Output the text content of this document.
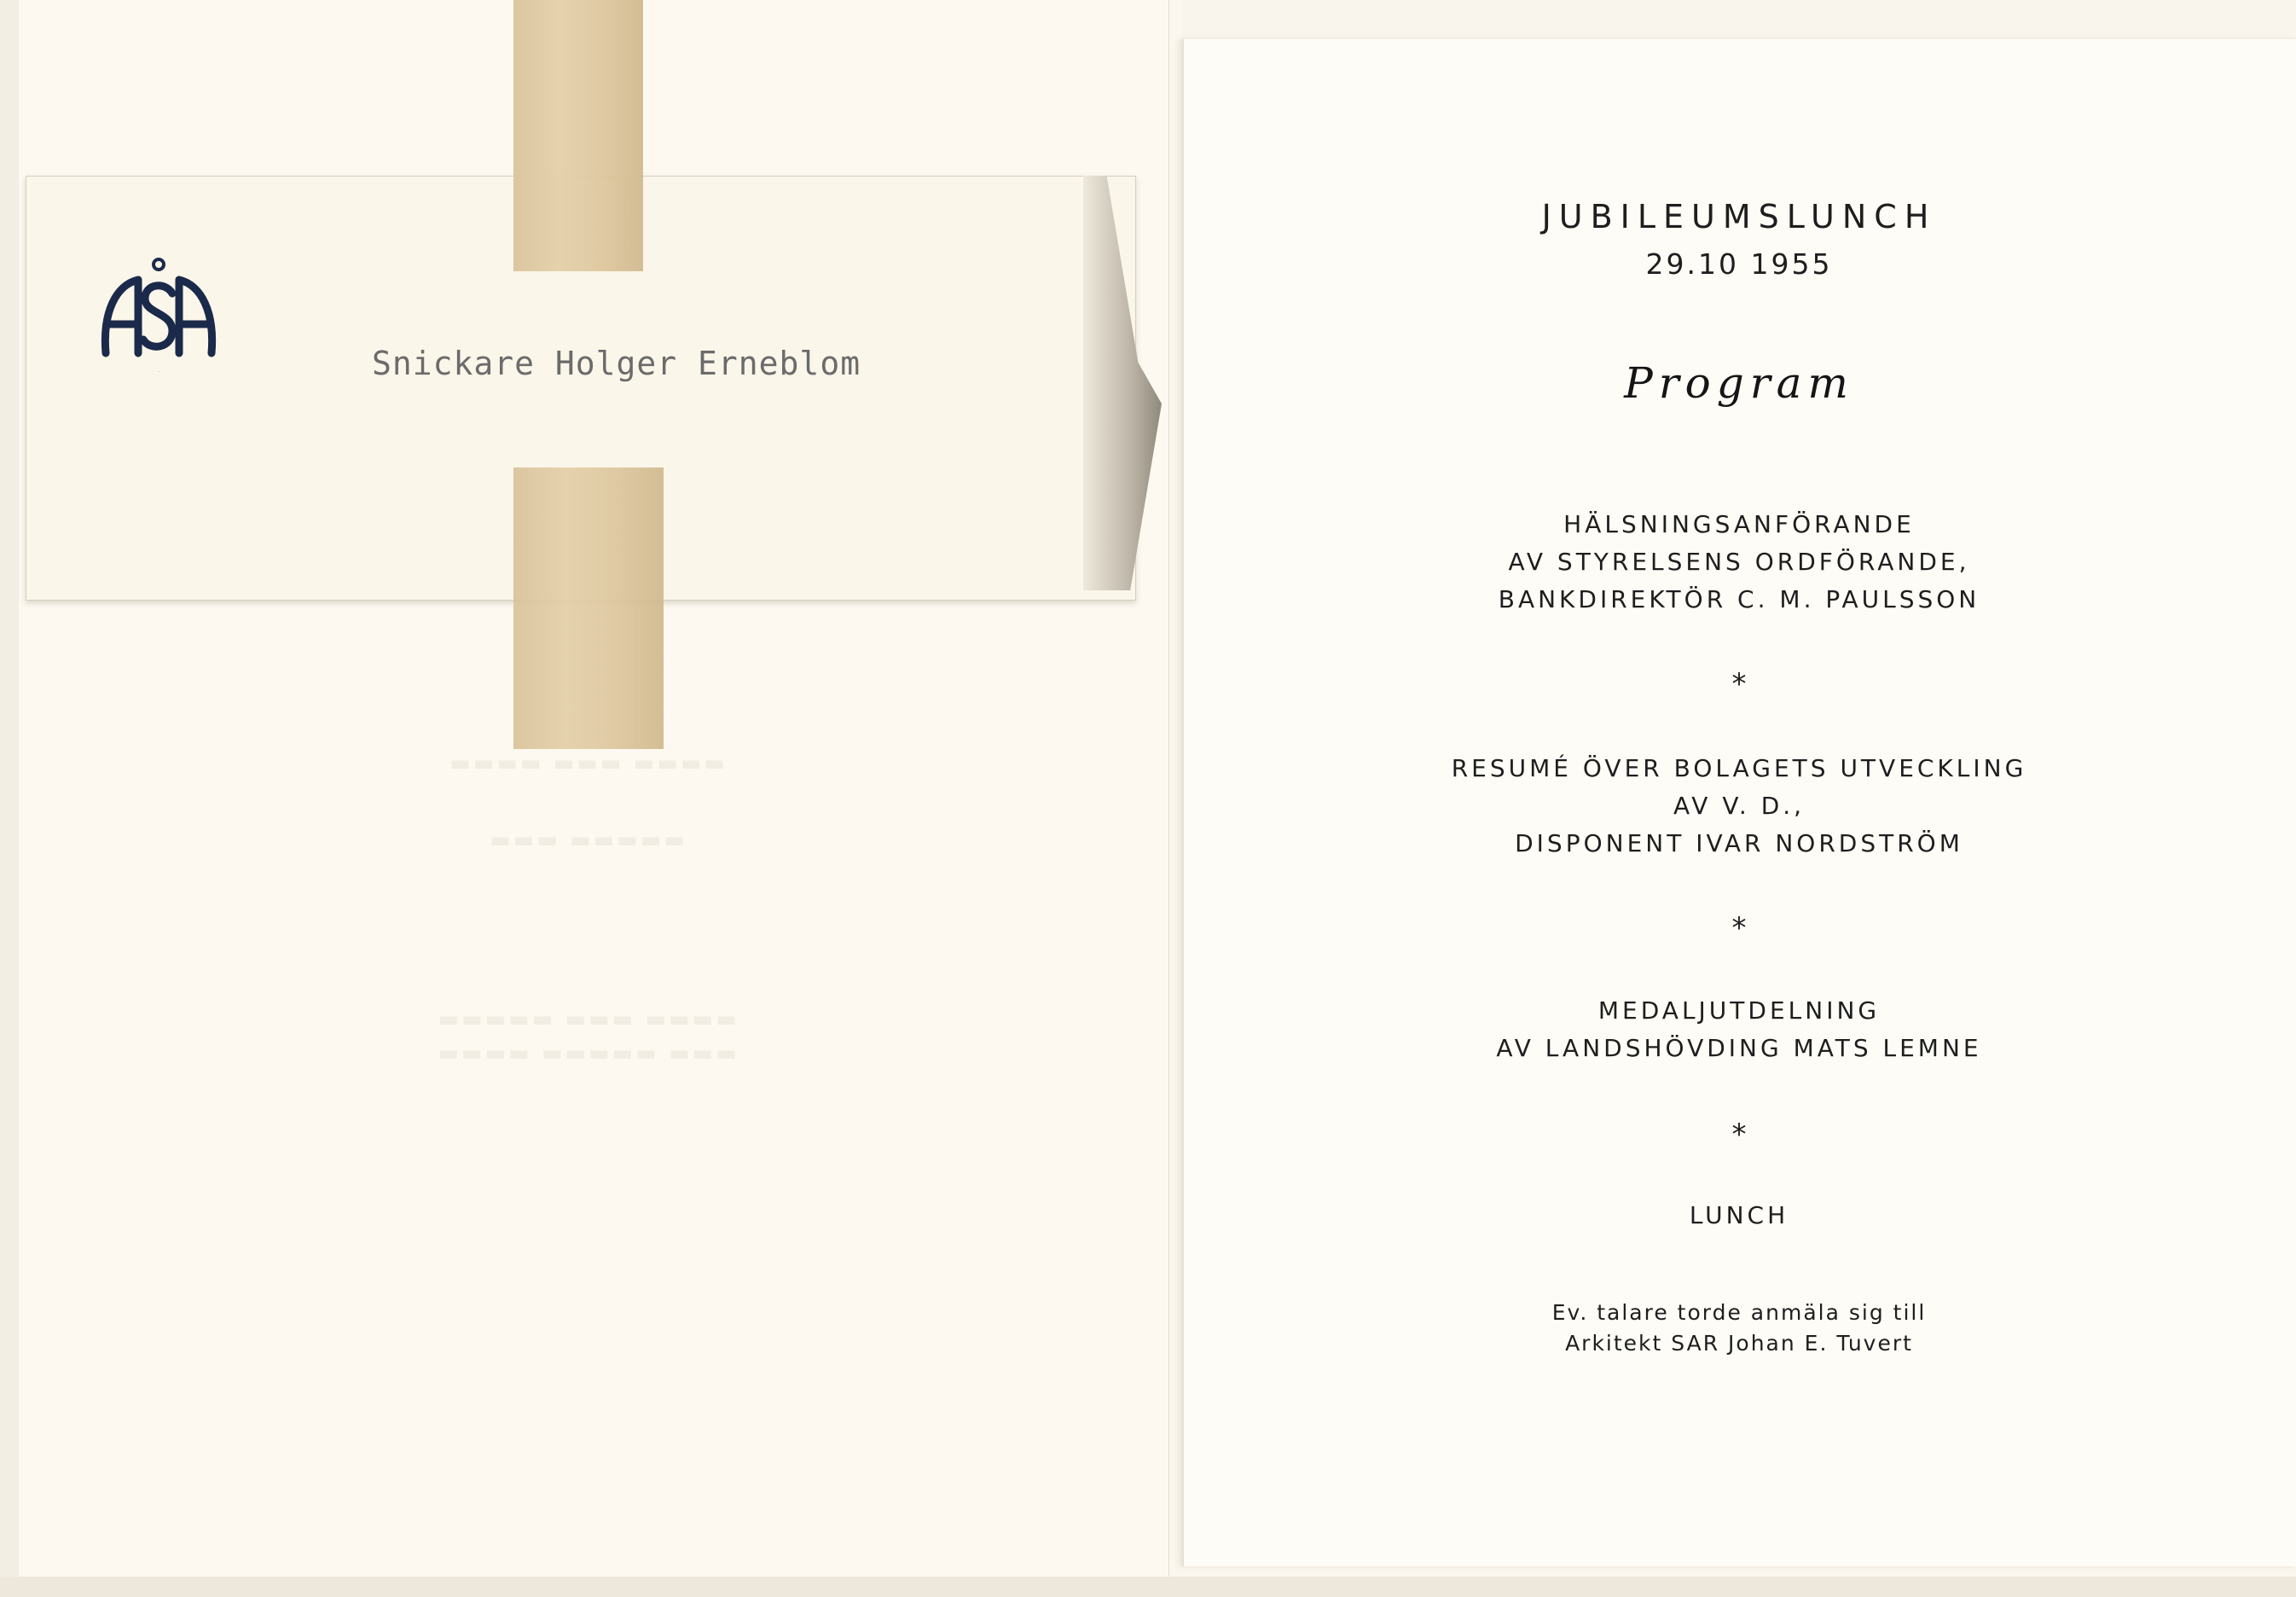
▬▬▬▬ ▬▬▬ ▬▬▬▬
▬▬▬ ▬▬▬▬▬
▬▬▬▬▬ ▬▬▬ ▬▬▬▬
▬▬▬▬ ▬▬▬▬▬ ▬▬▬
ÅSA	Snickare Holger Erneblom
JUBILEUMSLUNCH
29.10 1955
Program
HÄLSNINGSANFÖRANDE
AV STYRELSENS ORDFÖRANDE,
BANKDIREKTÖR C. M. PAULSSON
*
RESUMÉ ÖVER BOLAGETS UTVECKLING
AV V. D.,
DISPONENT IVAR NORDSTRÖM
*
MEDALJUTDELNING
AV LANDSHÖVDING MATS LEMNE
*
LUNCH
Ev. talare torde anmäla sig till
Arkitekt SAR Johan E. Tuvert
